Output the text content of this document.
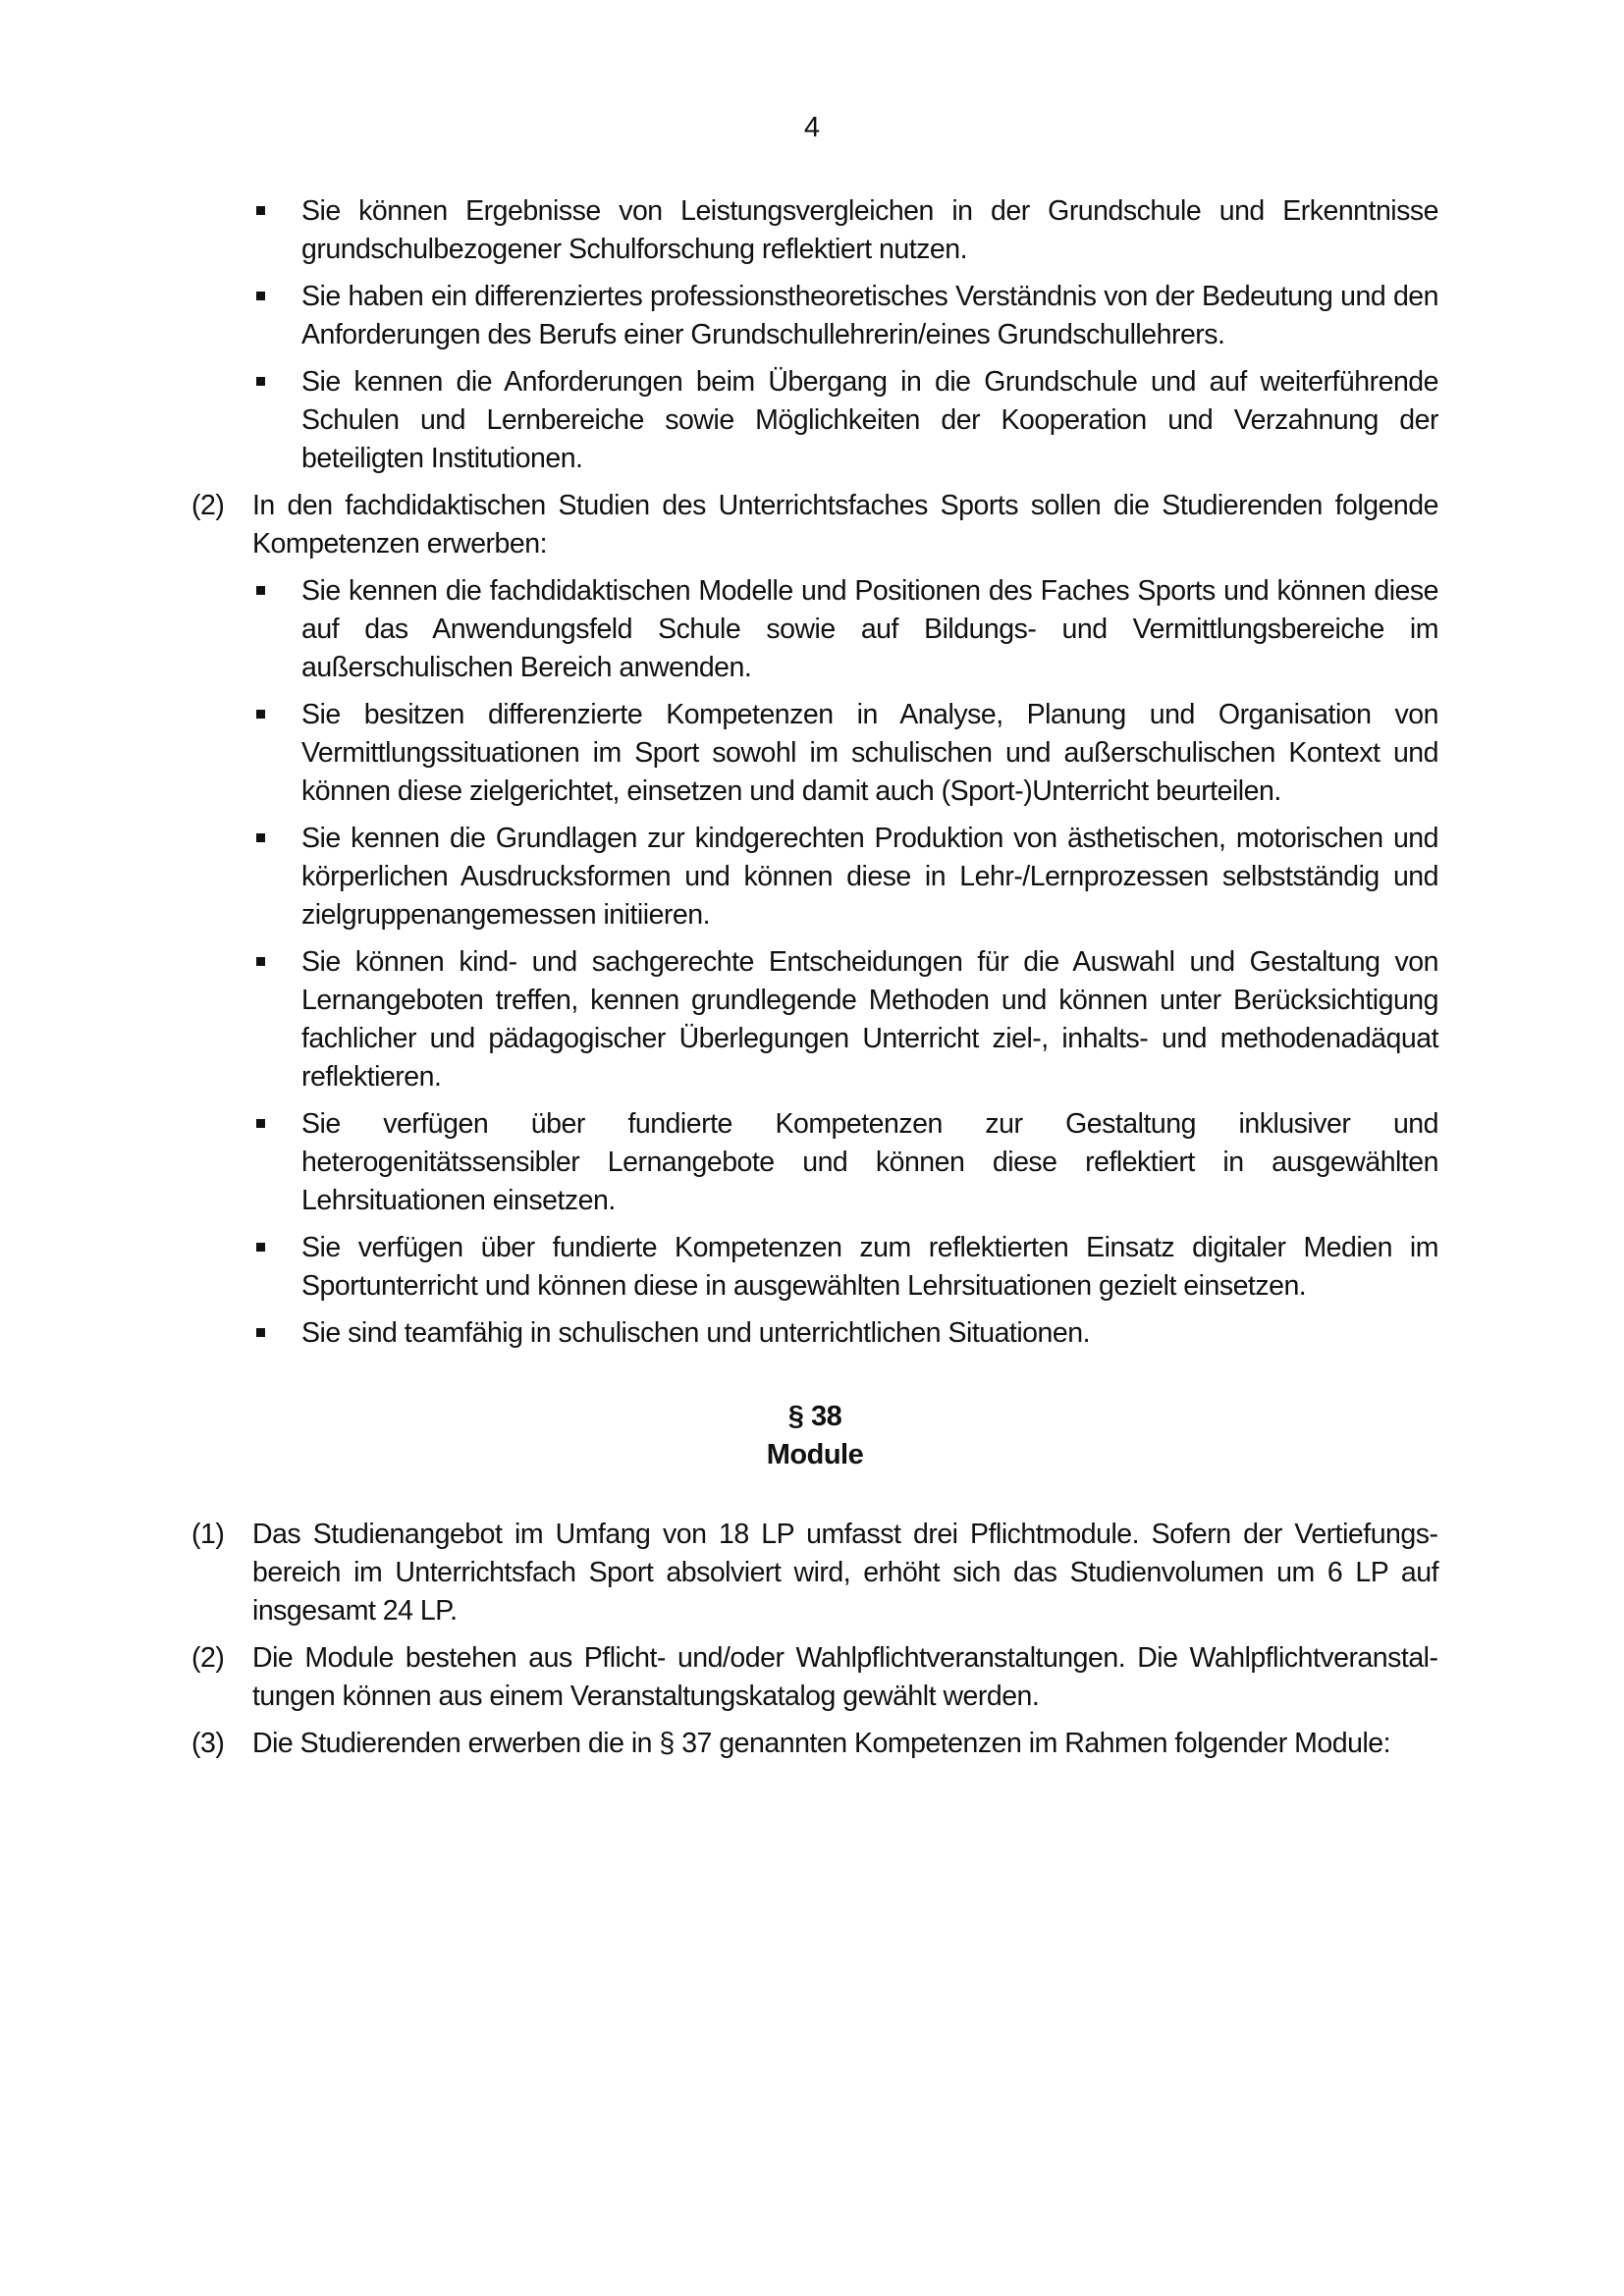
4
Sie können Ergebnisse von Leistungsvergleichen in der Grundschule und Erkenntnisse grundschulbezogener Schulforschung reflektiert nutzen.
Sie haben ein differenziertes professionstheoretisches Verständnis von der Bedeutung und den Anforderungen des Berufs einer Grundschullehrerin/eines Grundschullehrers.
Sie kennen die Anforderungen beim Übergang in die Grundschule und auf weiterführende Schulen und Lernbereiche sowie Möglichkeiten der Kooperation und Verzahnung der beteiligten Institutionen.
(2) In den fachdidaktischen Studien des Unterrichtsfaches Sports sollen die Studierenden folgende Kompetenzen erwerben:
Sie kennen die fachdidaktischen Modelle und Positionen des Faches Sports und können diese auf das Anwendungsfeld Schule sowie auf Bildungs- und Vermittlungsbereiche im außerschulischen Bereich anwenden.
Sie besitzen differenzierte Kompetenzen in Analyse, Planung und Organisation von Vermittlungssituationen im Sport sowohl im schulischen und außerschulischen Kontext und können diese zielgerichtet, einsetzen und damit auch (Sport-)Unterricht beurteilen.
Sie kennen die Grundlagen zur kindgerechten Produktion von ästhetischen, motorischen und körperlichen Ausdrucksformen und können diese in Lehr-/Lernprozessen selbstständig und zielgruppenangemessen initiieren.
Sie können kind- und sachgerechte Entscheidungen für die Auswahl und Gestaltung von Lernangeboten treffen, kennen grundlegende Methoden und können unter Berücksichtigung fachlicher und pädagogischer Überlegungen Unterricht ziel-, inhalts- und methodenadäquat reflektieren.
Sie verfügen über fundierte Kompetenzen zur Gestaltung inklusiver und heterogenitätssensibler Lernangebote und können diese reflektiert in ausgewählten Lehrsituationen einsetzen.
Sie verfügen über fundierte Kompetenzen zum reflektierten Einsatz digitaler Medien im Sportunterricht und können diese in ausgewählten Lehrsituationen gezielt einsetzen.
Sie sind teamfähig in schulischen und unterrichtlichen Situationen.
§ 38
Module
(1) Das Studienangebot im Umfang von 18 LP umfasst drei Pflichtmodule. Sofern der Vertiefungsbereich im Unterrichtsfach Sport absolviert wird, erhöht sich das Studienvolumen um 6 LP auf insgesamt 24 LP.
(2) Die Module bestehen aus Pflicht- und/oder Wahlpflichtveranstaltungen. Die Wahlpflichtveranstaltungen können aus einem Veranstaltungskatalog gewählt werden.
(3) Die Studierenden erwerben die in § 37 genannten Kompetenzen im Rahmen folgender Module:
